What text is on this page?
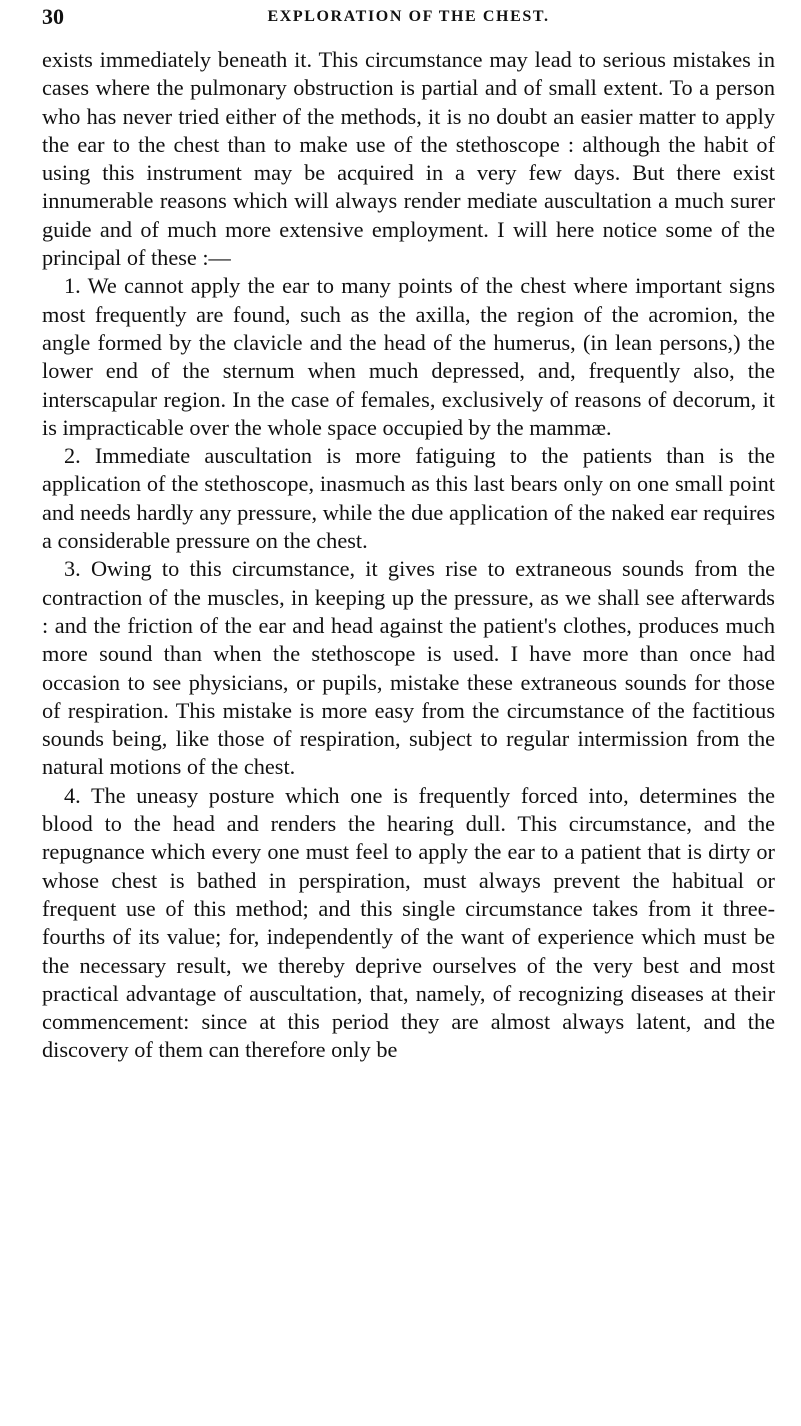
30	EXPLORATION OF THE CHEST.

exists immediately beneath it. This circumstance may lead to serious mistakes in cases where the pulmonary obstruction is partial and of small extent. To a person who has never tried either of the methods, it is no doubt an easier matter to apply the ear to the chest than to make use of the stethoscope : although the habit of using this instrument may be acquired in a very few days. But there exist innumerable reasons which will always render mediate auscultation a much surer guide and of much more extensive employment. I will here notice some of the principal of these :—

1. We cannot apply the ear to many points of the chest where important signs most frequently are found, such as the axilla, the region of the acromion, the angle formed by the clavicle and the head of the humerus, (in lean persons,) the lower end of the sternum when much depressed, and, frequently also, the interscapular region. In the case of females, exclusively of reasons of decorum, it is impracticable over the whole space occupied by the mammæ.

2. Immediate auscultation is more fatiguing to the patients than is the application of the stethoscope, inasmuch as this last bears only on one small point and needs hardly any pressure, while the due application of the naked ear requires a considerable pressure on the chest.

3. Owing to this circumstance, it gives rise to extraneous sounds from the contraction of the muscles, in keeping up the pressure, as we shall see afterwards : and the friction of the ear and head against the patient's clothes, produces much more sound than when the stethoscope is used. I have more than once had occasion to see physicians, or pupils, mistake these extraneous sounds for those of respiration. This mistake is more easy from the circumstance of the factitious sounds being, like those of respiration, subject to regular intermission from the natural motions of the chest.

4. The uneasy posture which one is frequently forced into, determines the blood to the head and renders the hearing dull. This circumstance, and the repugnance which every one must feel to apply the ear to a patient that is dirty or whose chest is bathed in perspiration, must always prevent the habitual or frequent use of this method; and this single circumstance takes from it three-fourths of its value; for, independently of the want of experience which must be the necessary result, we thereby deprive ourselves of the very best and most practical advantage of auscultation, that, namely, of recognizing diseases at their commencement: since at this period they are almost always latent, and the discovery of them can therefore only be
